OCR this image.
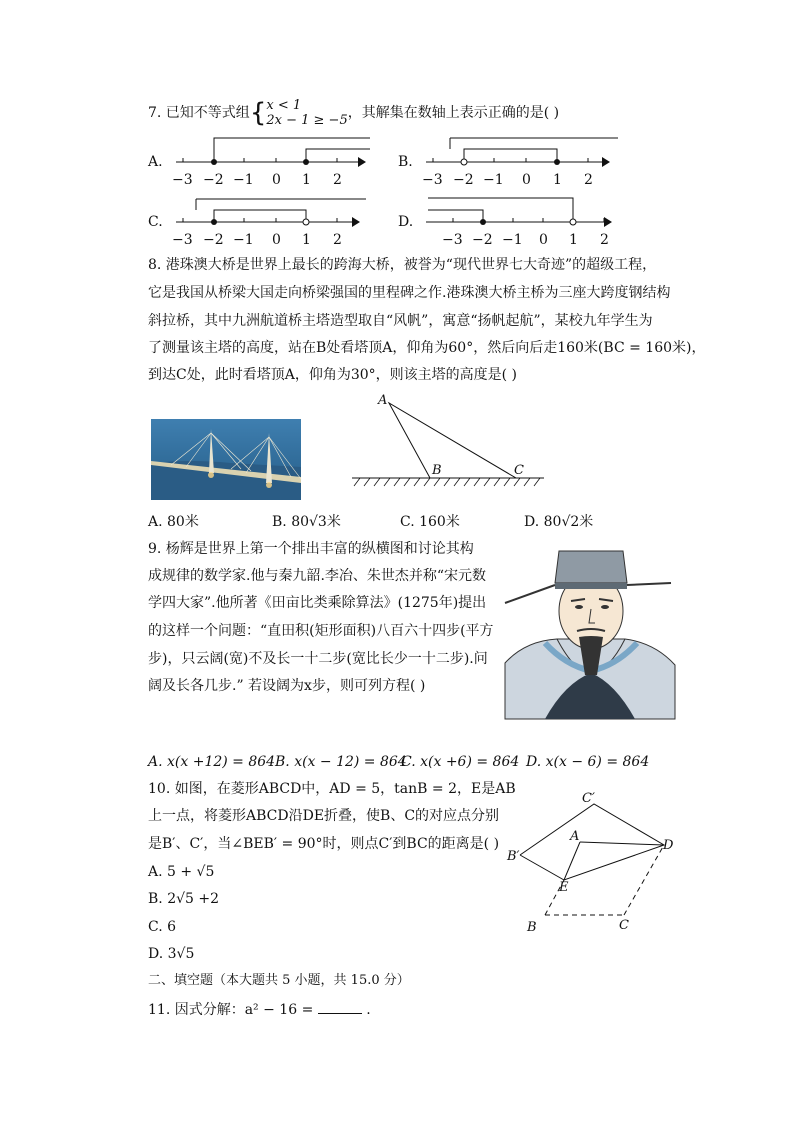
7. 已知不等式组{x < 1
2x − 1 ≥ −5，其解集在数轴上表示正确的是( )
A.
−3 −2 −1 0 1 2
B.
−3 −2 −1 0 1 2
C.
−3 −2 −1 0 1 2
D.
−3 −2 −1 0 1 2
8. 港珠澳大桥是世界上最长的跨海大桥，被誉为“现代世界七大奇迹”的超级工程，
它是我国从桥梁大国走向桥梁强国的里程碑之作.港珠澳大桥主桥为三座大跨度钢结构
斜拉桥，其中九洲航道桥主塔造型取自“风帆”，寓意“扬帆起航”，某校九年学生为
了测量该主塔的高度，站在B处看塔顶A，仰角为60°，然后向后走160米(BC = 160米)，
到达C处，此时看塔顶A，仰角为30°，则该主塔的高度是( )
A
B	C
A. 80米	B. 80√3米	C. 160米	D. 80√2米
9. 杨辉是世界上第一个排出丰富的纵横图和讨论其构
成规律的数学家.他与秦九韶.李冶、朱世杰并称“宋元数
学四大家”.他所著《田亩比类乘除算法》(1275年)提出
的这样一个问题：“直田积(矩形面积)八百六十四步(平方
步)，只云阔(宽)不及长一十二步(宽比长少一十二步).问
阔及长各几步.” 若设阔为x步，则可列方程( )
A. x(x +12) = 864 B. x(x − 12) = 864
C. x(x +6) = 864 D. x(x − 6) = 864
10. 如图，在菱形ABCD中，AD = 5，tanB = 2，E是AB
上一点，将菱形ABCD沿DE折叠，使B、C的对应点分别
是B′、C′，当∠BEB′ = 90°时，则点C′到BC的距离是( )
A. 5 + √5
B. 2√5 +2
C. 6
D. 3√5
C′
A
B′
D
E
B	C
二、填空题（本大题共 5 小题，共 15.0 分）
11. 因式分解：a² − 16 =	.
